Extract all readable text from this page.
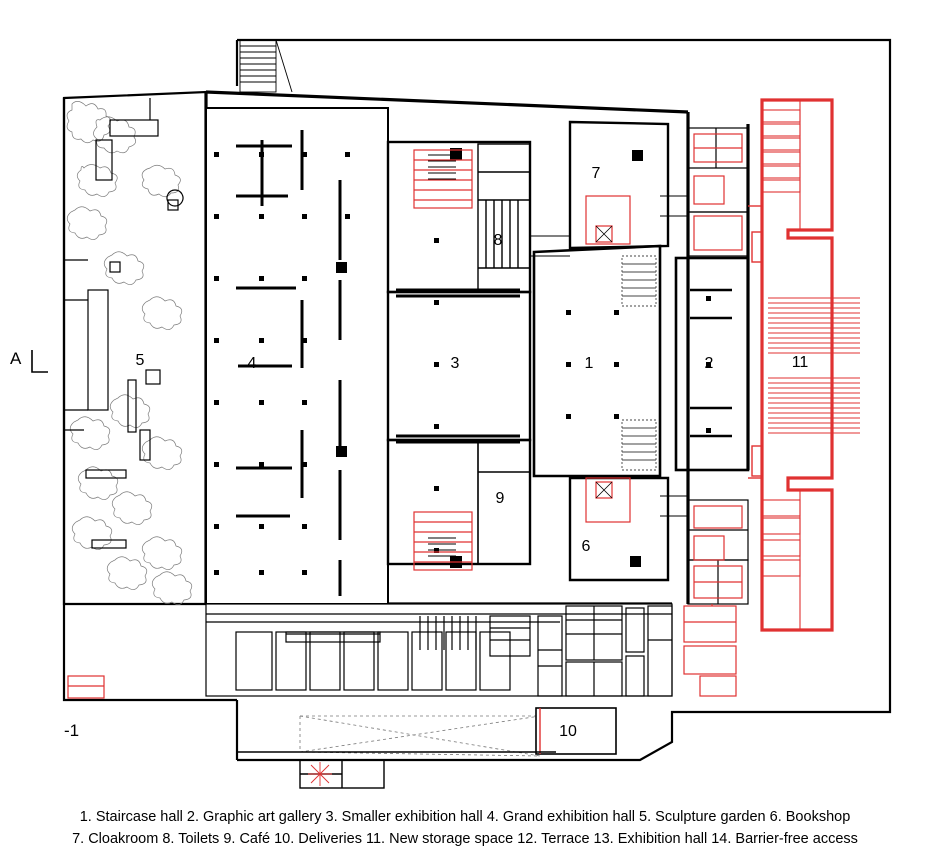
1	2
3
4
5
6
7
8
9
10
11
A
-1
1. Staircase hall 2. Graphic art gallery 3. Smaller exhibition hall 4. Grand exhibition hall 5. Sculpture garden 6. Bookshop
7. Cloakroom 8. Toilets 9. Café 10. Deliveries 11. New storage space 12. Terrace 13. Exhibition hall 14. Barrier-free access
